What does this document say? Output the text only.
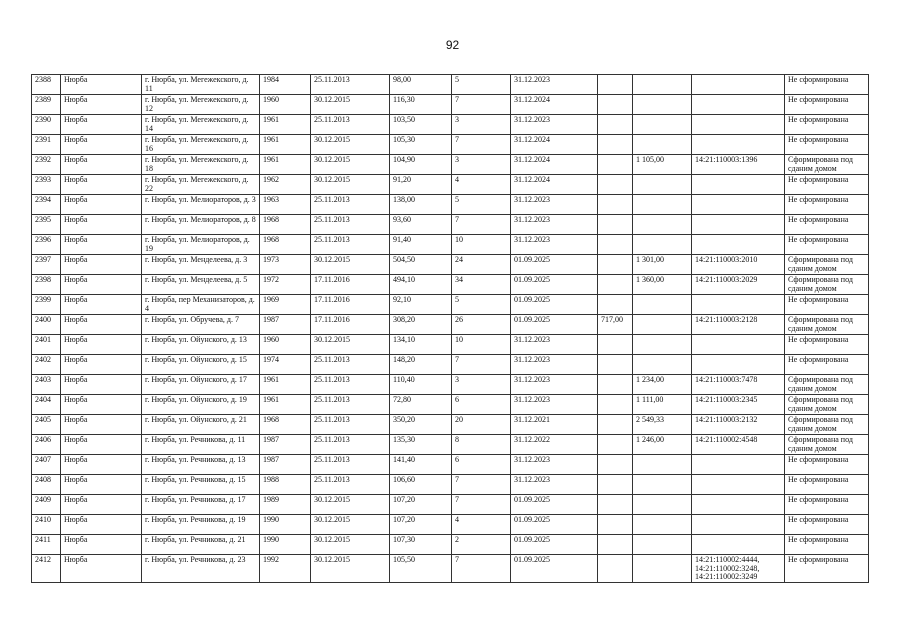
92
2388	Нюрба	г. Нюрба, ул. Мегежекского, д. 11	1984	25.11.2013	98,00	5	31.12.2023				Не сформирована
2389	Нюрба	г. Нюрба, ул. Мегежекского, д. 12	1960	30.12.2015	116,30	7	31.12.2024				Не сформирована
2390	Нюрба	г. Нюрба, ул. Мегежекского, д. 14	1961	25.11.2013	103,50	3	31.12.2023				Не сформирована
2391	Нюрба	г. Нюрба, ул. Мегежекского, д. 16	1961	30.12.2015	105,30	7	31.12.2024				Не сформирована
2392	Нюрба	г. Нюрба, ул. Мегежекского, д. 18	1961	30.12.2015	104,90	3	31.12.2024		1 105,00	14:21:110003:1396	Сформирована под сданим домом
2393	Нюрба	г. Нюрба, ул. Мегежекского, д. 22	1962	30.12.2015	91,20	4	31.12.2024				Не сформирована
2394	Нюрба	г. Нюрба, ул. Мелиораторов, д. 3	1963	25.11.2013	138,00	5	31.12.2023				Не сформирована
2395	Нюрба	г. Нюрба, ул. Мелиораторов, д. 8	1968	25.11.2013	93,60	7	31.12.2023				Не сформирована
2396	Нюрба	г. Нюрба, ул. Мелиораторов, д. 19	1968	25.11.2013	91,40	10	31.12.2023				Не сформирована
2397	Нюрба	г. Нюрба, ул. Менделеева, д. 3	1973	30.12.2015	504,50	24	01.09.2025		1 301,00	14:21:110003:2010	Сформирована под сданим домом
2398	Нюрба	г. Нюрба, ул. Менделеева, д. 5	1972	17.11.2016	494,10	34	01.09.2025		1 360,00	14:21:110003:2029	Сформирована под сданим домом
2399	Нюрба	г. Нюрба, пер Механизаторов, д. 4	1969	17.11.2016	92,10	5	01.09.2025				Не сформирована
2400	Нюрба	г. Нюрба, ул. Обручева, д. 7	1987	17.11.2016	308,20	26	01.09.2025	717,00		14:21:110003:2128	Сформирована под сданим домом
2401	Нюрба	г. Нюрба, ул. Ойунского, д. 13	1960	30.12.2015	134,10	10	31.12.2023				Не сформирована
2402	Нюрба	г. Нюрба, ул. Ойунского, д. 15	1974	25.11.2013	148,20	7	31.12.2023				Не сформирована
2403	Нюрба	г. Нюрба, ул. Ойунского, д. 17	1961	25.11.2013	110,40	3	31.12.2023		1 234,00	14:21:110003:7478	Сформирована под сданим домом
2404	Нюрба	г. Нюрба, ул. Ойунского, д. 19	1961	25.11.2013	72,80	6	31.12.2023		1 111,00	14:21:110003:2345	Сформирована под сданим домом
2405	Нюрба	г. Нюрба, ул. Ойунского, д. 21	1968	25.11.2013	350,20	20	31.12.2021		2 549,33	14:21:110003:2132	Сформирована под сданим домом
2406	Нюрба	г. Нюрба, ул. Речникова, д. 11	1987	25.11.2013	135,30	8	31.12.2022		1 246,00	14:21:110002:4548	Сформирована под сданим домом
2407	Нюрба	г. Нюрба, ул. Речникова, д. 13	1987	25.11.2013	141,40	6	31.12.2023				Не сформирована
2408	Нюрба	г. Нюрба, ул. Речникова, д. 15	1988	25.11.2013	106,60	7	31.12.2023				Не сформирована
2409	Нюрба	г. Нюрба, ул. Речникова, д. 17	1989	30.12.2015	107,20	7	01.09.2025				Не сформирована
2410	Нюрба	г. Нюрба, ул. Речникова, д. 19	1990	30.12.2015	107,20	4	01.09.2025				Не сформирована
2411	Нюрба	г. Нюрба, ул. Речникова, д. 21	1990	30.12.2015	107,30	2	01.09.2025				Не сформирована
2412	Нюрба	г. Нюрба, ул. Речникова, д. 23	1992	30.12.2015	105,50	7	01.09.2025			14:21:110002:4444, 14:21:110002:3248, 14:21:110002:3249	Не сформирована
